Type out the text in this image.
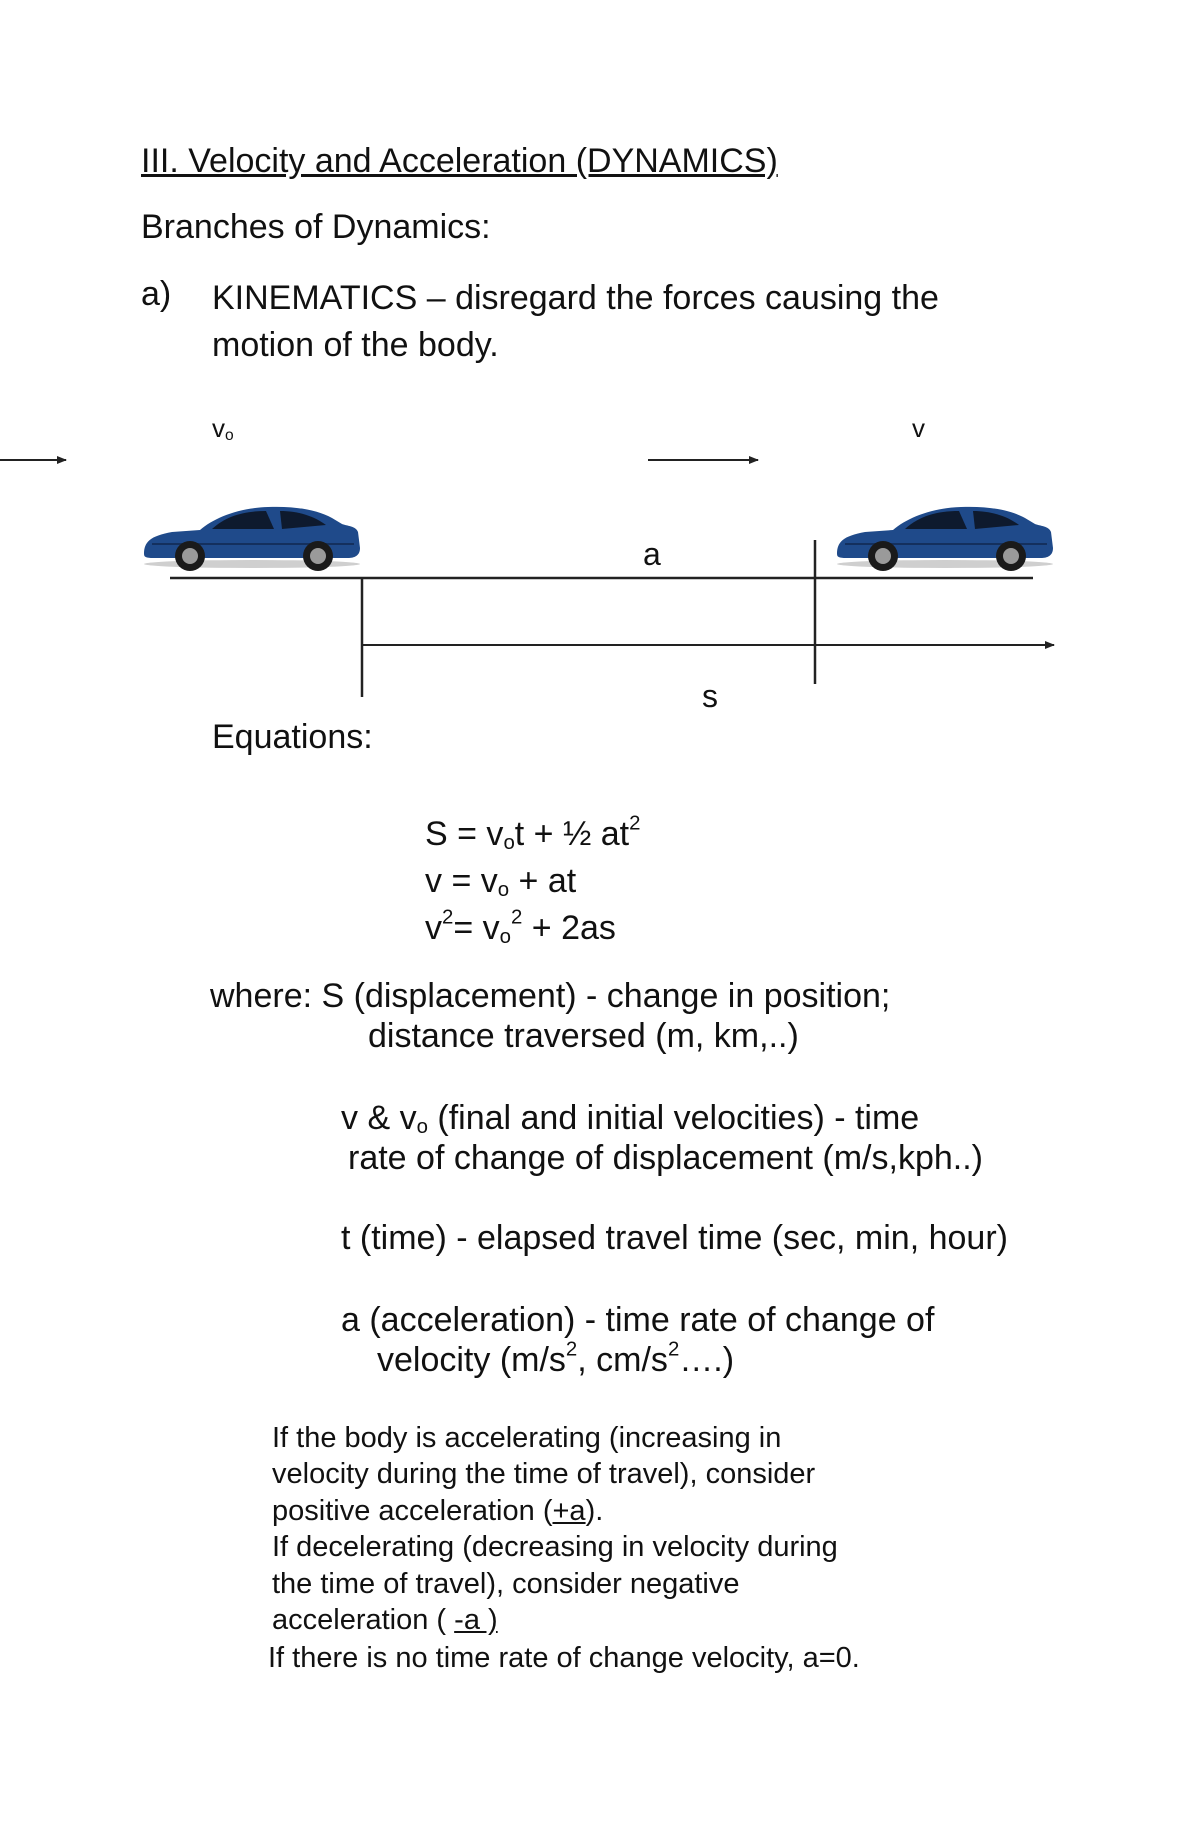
III. Velocity and Acceleration (DYNAMICS)
Branches of Dynamics:
a) KINEMATICS – disregard the forces causing the
motion of the body.
$v_o$	v
a
s
Equations:
$S = v_ot$ + ½ $at^2$
$v = v_o$ + at
$v^2= v_o^2 + 2as$
where: S (displacement) - change in position;
distance traversed (m, km,..)
v & $v_o$ (final and initial velocities) - time
rate of change of displacement (m/s,kph..)
t (time) - elapsed travel time (sec, min, hour)
a (acceleration) - time rate of change of
velocity ($m/s^2$, $cm/s^2\dots$.)
If the body is accelerating (increasing in
velocity during the time of travel), consider
positive acceleration (+a).
If decelerating (decreasing in velocity during
the time of travel), consider negative
acceleration ( -a )
If there is no time rate of change velocity, a=0.
